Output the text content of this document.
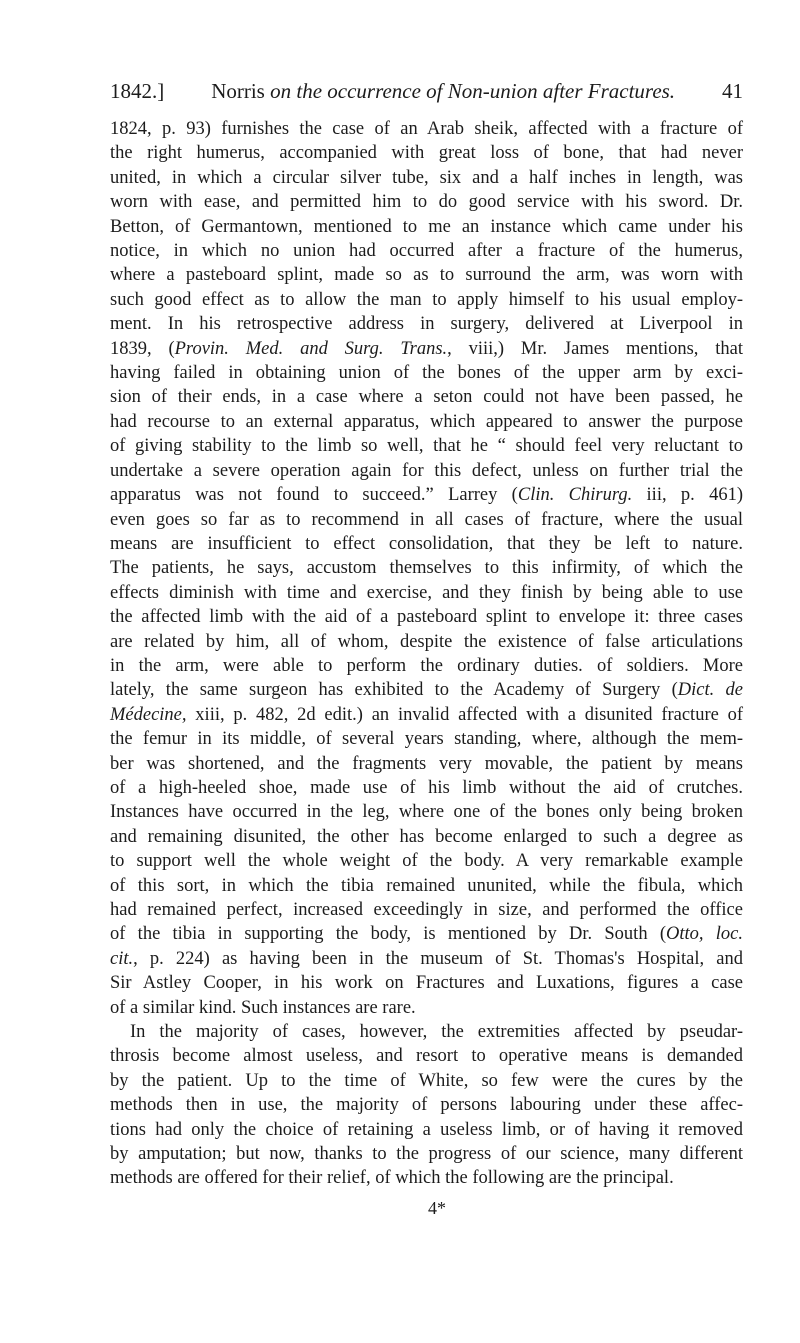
1842.]	Norris on the occurrence of Non-union after Fractures.	41
1824, p. 93) furnishes the case of an Arab sheik, affected with a fracture of
the right humerus, accompanied with great loss of bone, that had never
united, in which a circular silver tube, six and a half inches in length, was
worn with ease, and permitted him to do good service with his sword. Dr.
Betton, of Germantown, mentioned to me an instance which came under his
notice, in which no union had occurred after a fracture of the humerus,
where a pasteboard splint, made so as to surround the arm, was worn with
such good effect as to allow the man to apply himself to his usual employ-
ment. In his retrospective address in surgery, delivered at Liverpool in
1839, (Provin. Med. and Surg. Trans., viii,) Mr. James mentions, that
having failed in obtaining union of the bones of the upper arm by exci-
sion of their ends, in a case where a seton could not have been passed, he
had recourse to an external apparatus, which appeared to answer the purpose
of giving stability to the limb so well, that he “ should feel very reluctant to
undertake a severe operation again for this defect, unless on further trial the
apparatus was not found to succeed.” Larrey (Clin. Chirurg. iii, p. 461)
even goes so far as to recommend in all cases of fracture, where the usual
means are insufficient to effect consolidation, that they be left to nature.
The patients, he says, accustom themselves to this infirmity, of which the
effects diminish with time and exercise, and they finish by being able to use
the affected limb with the aid of a pasteboard splint to envelope it: three cases
are related by him, all of whom, despite the existence of false articulations
in the arm, were able to perform the ordinary duties. of soldiers. More
lately, the same surgeon has exhibited to the Academy of Surgery (Dict. de
Médecine, xiii, p. 482, 2d edit.) an invalid affected with a disunited fracture of
the femur in its middle, of several years standing, where, although the mem-
ber was shortened, and the fragments very movable, the patient by means
of a high-heeled shoe, made use of his limb without the aid of crutches.
Instances have occurred in the leg, where one of the bones only being broken
and remaining disunited, the other has become enlarged to such a degree as
to support well the whole weight of the body. A very remarkable example
of this sort, in which the tibia remained ununited, while the fibula, which
had remained perfect, increased exceedingly in size, and performed the office
of the tibia in supporting the body, is mentioned by Dr. South (Otto, loc.
cit., p. 224) as having been in the museum of St. Thomas's Hospital, and
Sir Astley Cooper, in his work on Fractures and Luxations, figures a case
of a similar kind. Such instances are rare.
In the majority of cases, however, the extremities affected by pseudar-
throsis become almost useless, and resort to operative means is demanded
by the patient. Up to the time of White, so few were the cures by the
methods then in use, the majority of persons labouring under these affec-
tions had only the choice of retaining a useless limb, or of having it removed
by amputation; but now, thanks to the progress of our science, many different
methods are offered for their relief, of which the following are the principal.
4*
